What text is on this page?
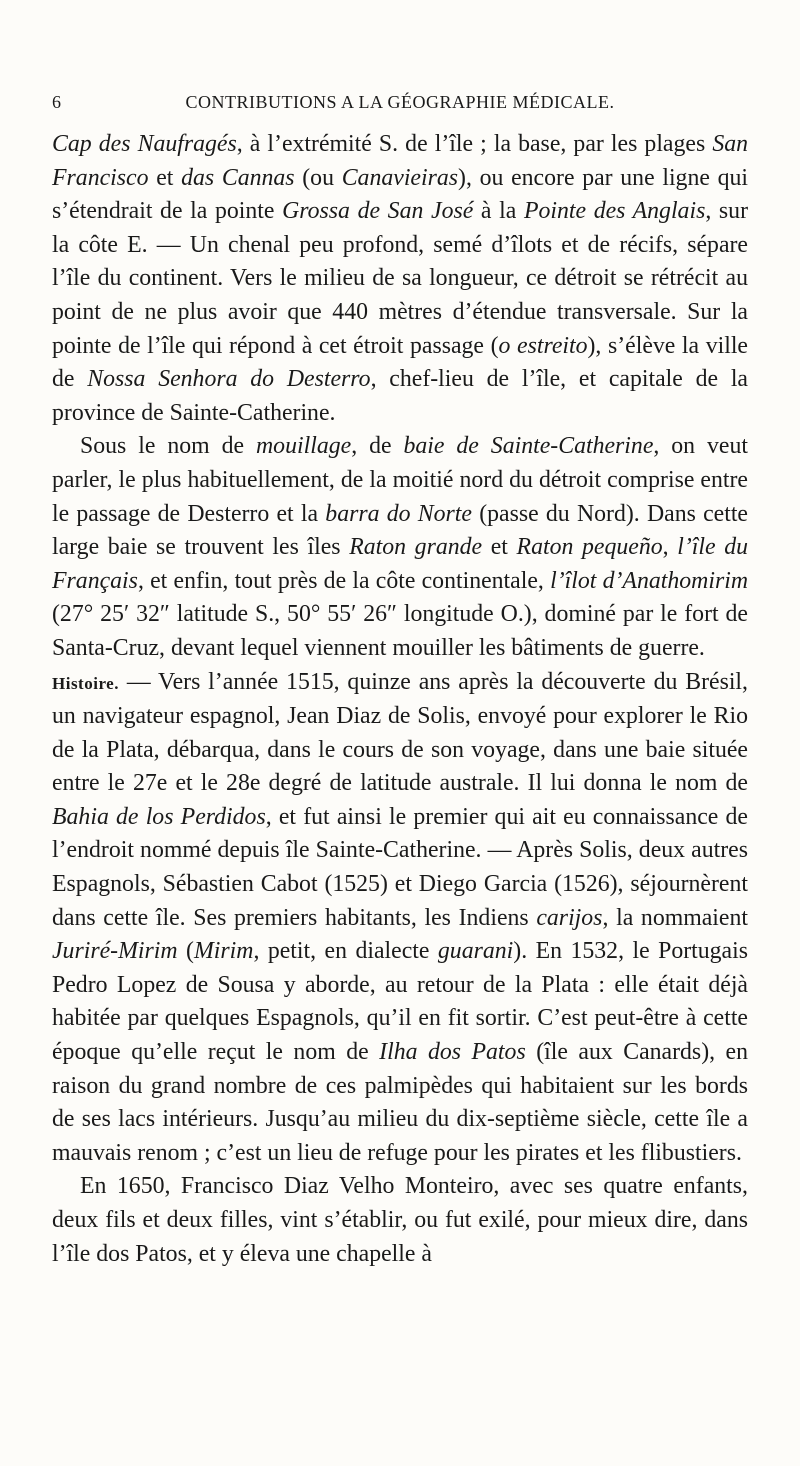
6	CONTRIBUTIONS A LA GÉOGRAPHIE MÉDICALE.

Cap des Naufragés, à l’extrémité S. de l’île ; la base, par les plages San Francisco et das Cannas (ou Canavieiras), ou encore par une ligne qui s’étendrait de la pointe Grossa de San José à la Pointe des Anglais, sur la côte E. — Un chenal peu profond, semé d’îlots et de récifs, sépare l’île du continent. Vers le milieu de sa longueur, ce détroit se rétrécit au point de ne plus avoir que 440 mètres d’étendue transversale. Sur la pointe de l’île qui répond à cet étroit passage (o estreito), s’élève la ville de Nossa Senhora do Desterro, chef-lieu de l’île, et capitale de la province de Sainte-Catherine.

Sous le nom de mouillage, de baie de Sainte-Catherine, on veut parler, le plus habituellement, de la moitié nord du détroit comprise entre le passage de Desterro et la barra do Norte (passe du Nord). Dans cette large baie se trouvent les îles Raton grande et Raton pequeño, l’île du Français, et enfin, tout près de la côte continentale, l’îlot d’Anathomirim (27° 25′ 32″ latitude S., 50° 55′ 26″ longitude O.), dominé par le fort de Santa-Cruz, devant lequel viennent mouiller les bâtiments de guerre.

Histoire. — Vers l’année 1515, quinze ans après la découverte du Brésil, un navigateur espagnol, Jean Diaz de Solis, envoyé pour explorer le Rio de la Plata, débarqua, dans le cours de son voyage, dans une baie située entre le 27e et le 28e degré de latitude australe. Il lui donna le nom de Bahia de los Perdidos, et fut ainsi le premier qui ait eu connaissance de l’endroit nommé depuis île Sainte-Catherine. — Après Solis, deux autres Espagnols, Sébastien Cabot (1525) et Diego Garcia (1526), séjournèrent dans cette île. Ses premiers habitants, les Indiens carijos, la nommaient Juriré-Mirim (Mirim, petit, en dialecte guarani). En 1532, le Portugais Pedro Lopez de Sousa y aborde, au retour de la Plata : elle était déjà habitée par quelques Espagnols, qu’il en fit sortir. C’est peut-être à cette époque qu’elle reçut le nom de Ilha dos Patos (île aux Canards), en raison du grand nombre de ces palmipèdes qui habitaient sur les bords de ses lacs intérieurs. Jusqu’au milieu du dix-septième siècle, cette île a mauvais renom ; c’est un lieu de refuge pour les pirates et les flibustiers.

En 1650, Francisco Diaz Velho Monteiro, avec ses quatre enfants, deux fils et deux filles, vint s’établir, ou fut exilé, pour mieux dire, dans l’île dos Patos, et y éleva une chapelle à
